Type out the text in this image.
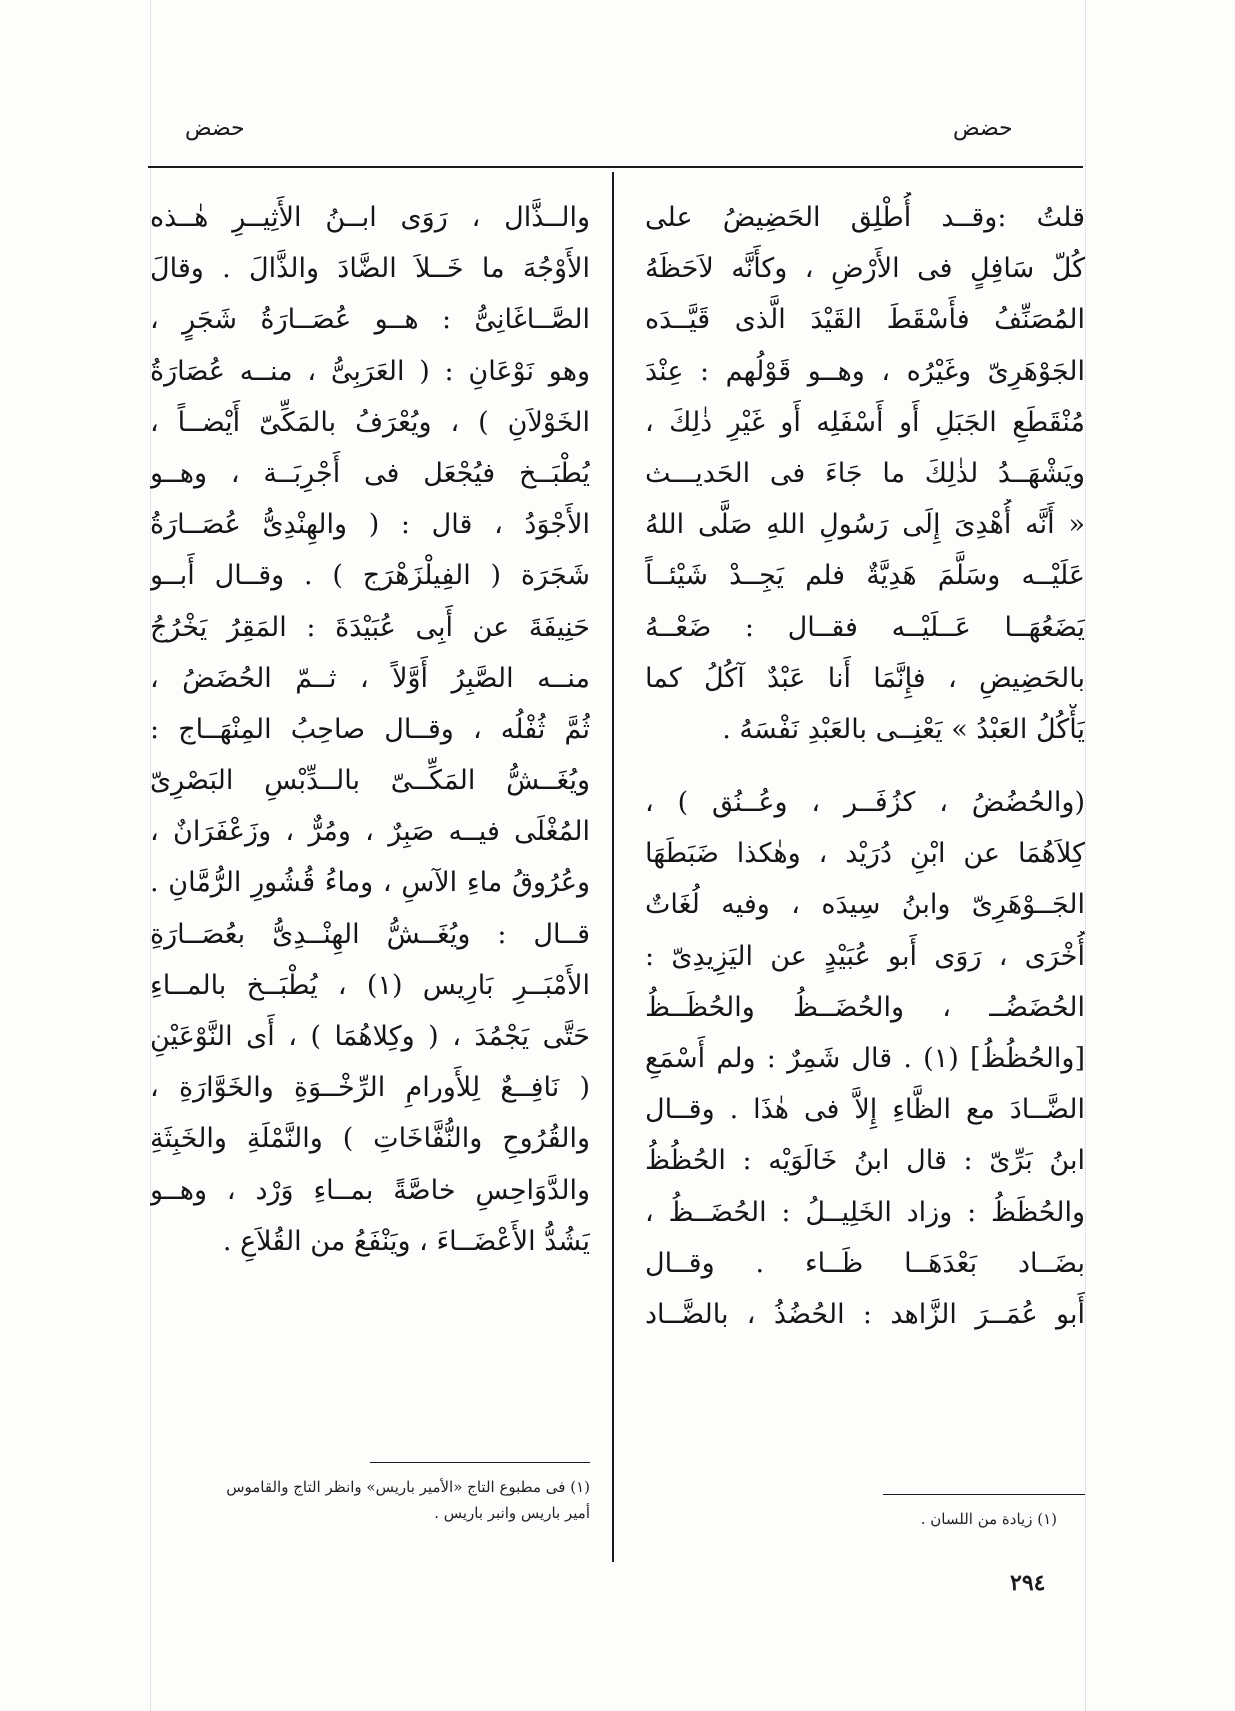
حضض
حضض
قلتُ :وقــد أُطْلِق الحَضِيضُ على
كُلّ سَافِلٍ فى الأَرْضِ ، وكأَنَّه لاَحَظَهُ
المُصَنِّفُ فأَسْقَطَ القَيْدَ الَّذى قَيَّــدَه
الجَوْهَرِىّ وغَيْرُه ، وهــو قَوْلُهم : عِنْدَ
مُنْقَطَعِ الجَبَلِ أَو أَسْفَلِه أَو غَيْرِ ذٰلِكَ ،
ويَشْهَــدُ لذٰلِكَ ما جَاءَ فى الحَديـــث
« أَنَّه أُهْدِىَ إِلَى رَسُولِ اللهِ صَلَّى اللهُ
عَلَيْــه وسَلَّمَ هَدِيَّةٌ فلم يَجِــدْ شَيْئــاً
يَضَعُهَــا عَــلَيْــه فقــال : ضَعْــهُ
بالحَضِيضِ ، فإِنَّمَا أَنا عَبْدٌ آكُلُ كما
يَأْكُلُ العَبْدُ » يَعْنِــى بالعَبْدِ نَفْسَهُ .
(والحُضُضُ ، كزُفَــر ، وعُــنُق ) ،
كِلاَهُمَا عن ابْنِ دُرَيْد ، وهٰكذا ضَبَطَهَا
الجَــوْهَرِىّ وابنُ سِيدَه ، وفيه لُغَاتٌ
أُخْرَى ، رَوَى أَبو عُبَيْدٍ عن اليَزِيدِىّ :
الحُضَضُــ ، والحُضَــظُ والحُظَــظُ
[والحُظُظُ] (١) . قال شَمِرٌ : ولم أَسْمَعِ
الضَّــادَ مع الظَّاءِ إِلاَّ فى هٰذَا . وقــال
ابنُ بَرِّىّ : قال ابنُ خَالَوَيْه : الحُظُظُ
والحُظَظُ : وزاد الخَلِيــلُ : الحُضَــظُ ،
بضَــاد بَعْدَهَــا ظَــاء . وقــال
أَبو عُمَــرَ الزَّاهد : الحُضُذُ ، بالضَّــاد
(١) زيادة من اللسان .
والــذَّال ، رَوَى ابــنُ الأَثِيــرِ هٰــذه
الأَوْجُهَ ما خَــلاَ الضَّادَ والذَّالَ . وقالَ
الصَّــاغَانِىُّ : هــو عُصَــارَةُ شَجَرٍ ،
وهو نَوْعَانِ : ( العَرَبِىُّ ، منــه عُصَارَةُ
الخَوْلاَنِ ) ، ويُعْرَفُ بالمَكِّىّ أَيْضــاً ،
يُطْبَــخ فيُجْعَل فى أَجْرِبَــة ، وهــو
الأَجْوَدُ ، قال : ( والهِنْدِىُّ عُصَــارَةُ
شَجَرَة ( الفِيلْزَهْرَج ) . وقــال أَبــو
حَنِيفَةَ عن أَبِى عُبَيْدَةَ : المَقِرُ يَخْرُجُ
منــه الصَّبِرُ أَوَّلاً ، ثــمّ الحُضَضُ ،
ثُمَّ ثُفْلُه ، وقــال صاحِبُ المِنْهَــاج :
ويُغَــشُّ المَكِّــىّ بالــدِّبْسِ البَصْرِىّ
المُغْلَى فيــه صَبِرٌ ، ومُرٌّ ، وزَعْفَرَانٌ ،
وعُرُوقُ ماءِ الآسِ ، وماءُ قُشُورِ الرُّمَّانِ .
قــال : ويُغَــشُّ الهِنْــدِىُّ بعُصَــارَةِ
الأَمْبَــرِ بَارِيس (١) ، يُطْبَــخ بالمــاءِ
حَتَّى يَجْمُدَ ، ( وكِلاهُمَا ) ، أَى النَّوْعَيْنِ
( نَافِــعٌ لِلأَورامِ الرِّخْــوَةِ والخَوَّارَةِ ،
والقُرُوحِ والنُّفَّاخَاتِ ) والنَّمْلَةِ والخَبِثَةِ
والدَّوَاحِسِ خاصَّةً بمــاءِ وَرْد ، وهــو
يَشُدُّ الأَعْضَــاءَ ، ويَنْفَعُ من القُلاَعِ .
(١) فى مطبوع التاج «الأمير باريس» وانظر التاج والقاموس
أمير باريس وانبر باريس .
٢٩٤
